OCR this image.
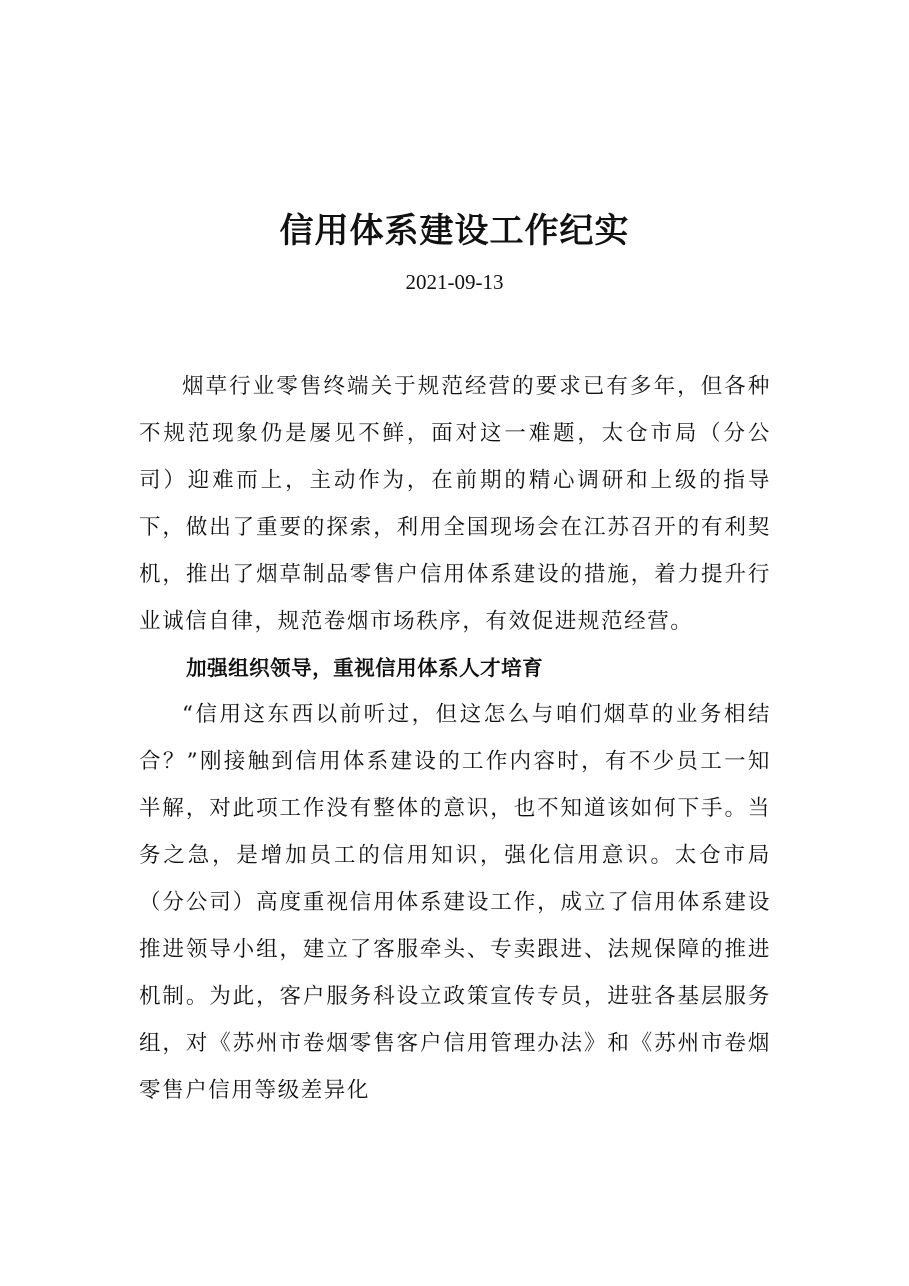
信用体系建设工作纪实
2021-09-13

烟草行业零售终端关于规范经营的要求已有多年，但各种不规范现象仍是屡见不鲜，面对这一难题，太仓市局（分公司）迎难而上，主动作为，在前期的精心调研和上级的指导下，做出了重要的探索，利用全国现场会在江苏召开的有利契机，推出了烟草制品零售户信用体系建设的措施，着力提升行业诚信自律，规范卷烟市场秩序，有效促进规范经营。

加强组织领导，重视信用体系人才培育

“信用这东西以前听过，但这怎么与咱们烟草的业务相结合？”刚接触到信用体系建设的工作内容时，有不少员工一知半解，对此项工作没有整体的意识，也不知道该如何下手。当务之急，是增加员工的信用知识，强化信用意识。太仓市局（分公司）高度重视信用体系建设工作，成立了信用体系建设推进领导小组，建立了客服牵头、专卖跟进、法规保障的推进机制。为此，客户服务科设立政策宣传专员，进驻各基层服务组，对《苏州市卷烟零售客户信用管理办法》和《苏州市卷烟零售户信用等级差异化
